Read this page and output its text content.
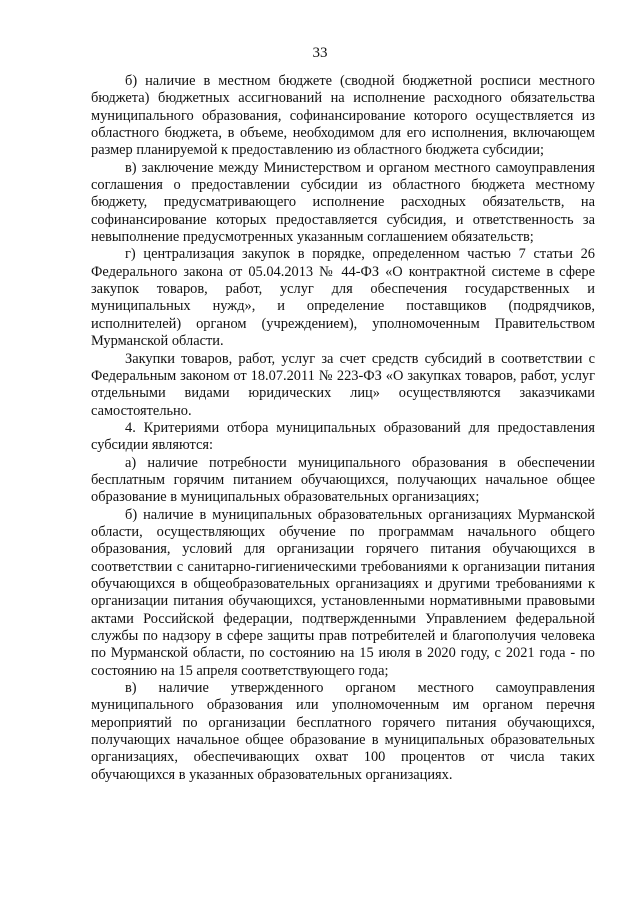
33

б) наличие в местном бюджете (сводной бюджетной росписи местного бюджета) бюджетных ассигнований на исполнение расходного обязательства муниципального образования, софинансирование которого осуществляется из областного бюджета, в объеме, необходимом для его исполнения, включающем размер планируемой к предоставлению из областного бюджета субсидии;

в) заключение между Министерством и органом местного самоуправления соглашения о предоставлении субсидии из областного бюджета местному бюджету, предусматривающего исполнение расходных обязательств, на софинансирование которых предоставляется субсидия, и ответственность за невыполнение предусмотренных указанным соглашением обязательств;

г) централизация закупок в порядке, определенном частью 7 статьи 26 Федерального закона от 05.04.2013 № 44-ФЗ «О контрактной системе в сфере закупок товаров, работ, услуг для обеспечения государственных и муниципальных нужд», и определение поставщиков (подрядчиков, исполнителей) органом (учреждением), уполномоченным Правительством Мурманской области.

Закупки товаров, работ, услуг за счет средств субсидий в соответствии с Федеральным законом от 18.07.2011 № 223-ФЗ «О закупках товаров, работ, услуг отдельными видами юридических лиц» осуществляются заказчиками самостоятельно.

4. Критериями отбора муниципальных образований для предоставления субсидии являются:

а) наличие потребности муниципального образования в обеспечении бесплатным горячим питанием обучающихся, получающих начальное общее образование в муниципальных образовательных организациях;

б) наличие в муниципальных образовательных организациях Мурманской области, осуществляющих обучение по программам начального общего образования, условий для организации горячего питания обучающихся в соответствии с санитарно-гигиеническими требованиями к организации питания обучающихся в общеобразовательных организациях и другими требованиями к организации питания обучающихся, установленными нормативными правовыми актами Российской федерации, подтвержденными Управлением федеральной службы по надзору в сфере защиты прав потребителей и благополучия человека по Мурманской области, по состоянию на 15 июля в 2020 году, с 2021 года - по состоянию на 15 апреля соответствующего года;

в) наличие утвержденного органом местного самоуправления муниципального образования или уполномоченным им органом перечня мероприятий по организации бесплатного горячего питания обучающихся, получающих начальное общее образование в муниципальных образовательных организациях, обеспечивающих охват 100 процентов от числа таких обучающихся в указанных образовательных организациях.
